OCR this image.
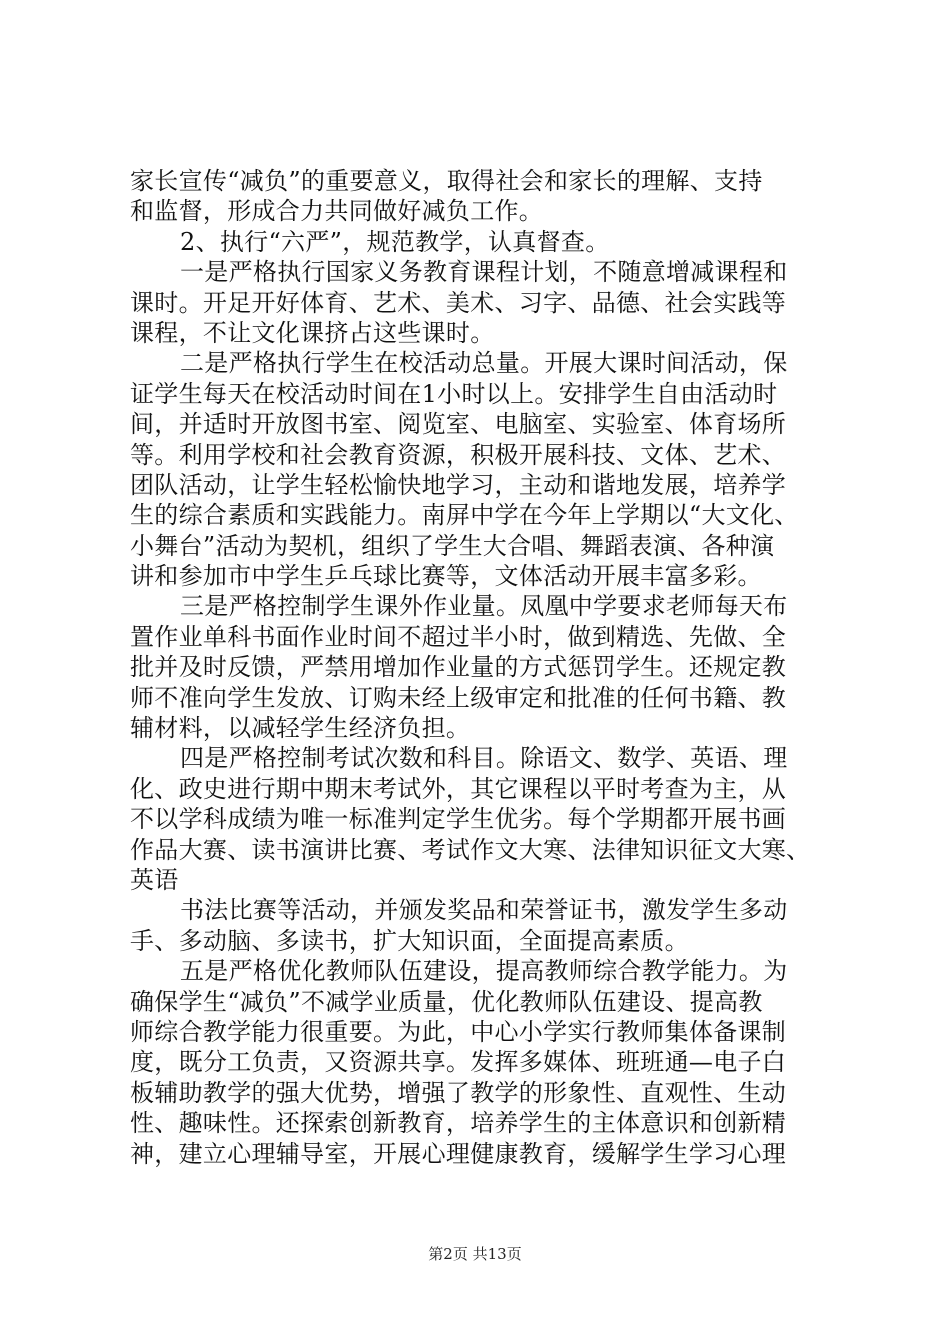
家长宣传“减负”的重要意义，取得社会和家长的理解、支持
和监督，形成合力共同做好减负工作。
2、执行“六严”，规范教学，认真督查。
一是严格执行国家义务教育课程计划，不随意增减课程和
课时。开足开好体育、艺术、美术、习字、品德、社会实践等
课程，不让文化课挤占这些课时。
二是严格执行学生在校活动总量。开展大课时间活动，保
证学生每天在校活动时间在1小时以上。安排学生自由活动时
间，并适时开放图书室、阅览室、电脑室、实验室、体育场所
等。利用学校和社会教育资源，积极开展科技、文体、艺术、
团队活动，让学生轻松愉快地学习，主动和谐地发展，培养学
生的综合素质和实践能力。南屏中学在今年上学期以“大文化、
小舞台”活动为契机，组织了学生大合唱、舞蹈表演、各种演
讲和参加市中学生乒乓球比赛等，文体活动开展丰富多彩。
三是严格控制学生课外作业量。凤凰中学要求老师每天布
置作业单科书面作业时间不超过半小时，做到精选、先做、全
批并及时反馈，严禁用增加作业量的方式惩罚学生。还规定教
师不准向学生发放、订购未经上级审定和批准的任何书籍、教
辅材料，以减轻学生经济负担。
四是严格控制考试次数和科目。除语文、数学、英语、理
化、政史进行期中期末考试外，其它课程以平时考查为主，从
不以学科成绩为唯一标准判定学生优劣。每个学期都开展书画
作品大赛、读书演讲比赛、考试作文大寒、法律知识征文大寒、
英语
书法比赛等活动，并颁发奖品和荣誉证书，激发学生多动
手、多动脑、多读书，扩大知识面，全面提高素质。
五是严格优化教师队伍建设，提高教师综合教学能力。为
确保学生“减负”不减学业质量，优化教师队伍建设、提高教
师综合教学能力很重要。为此，中心小学实行教师集体备课制
度，既分工负责，又资源共享。发挥多媒体、班班通—电子白
板辅助教学的强大优势，增强了教学的形象性、直观性、生动
性、趣味性。还探索创新教育，培养学生的主体意识和创新精
神，建立心理辅导室，开展心理健康教育，缓解学生学习心理
第2页 共13页
